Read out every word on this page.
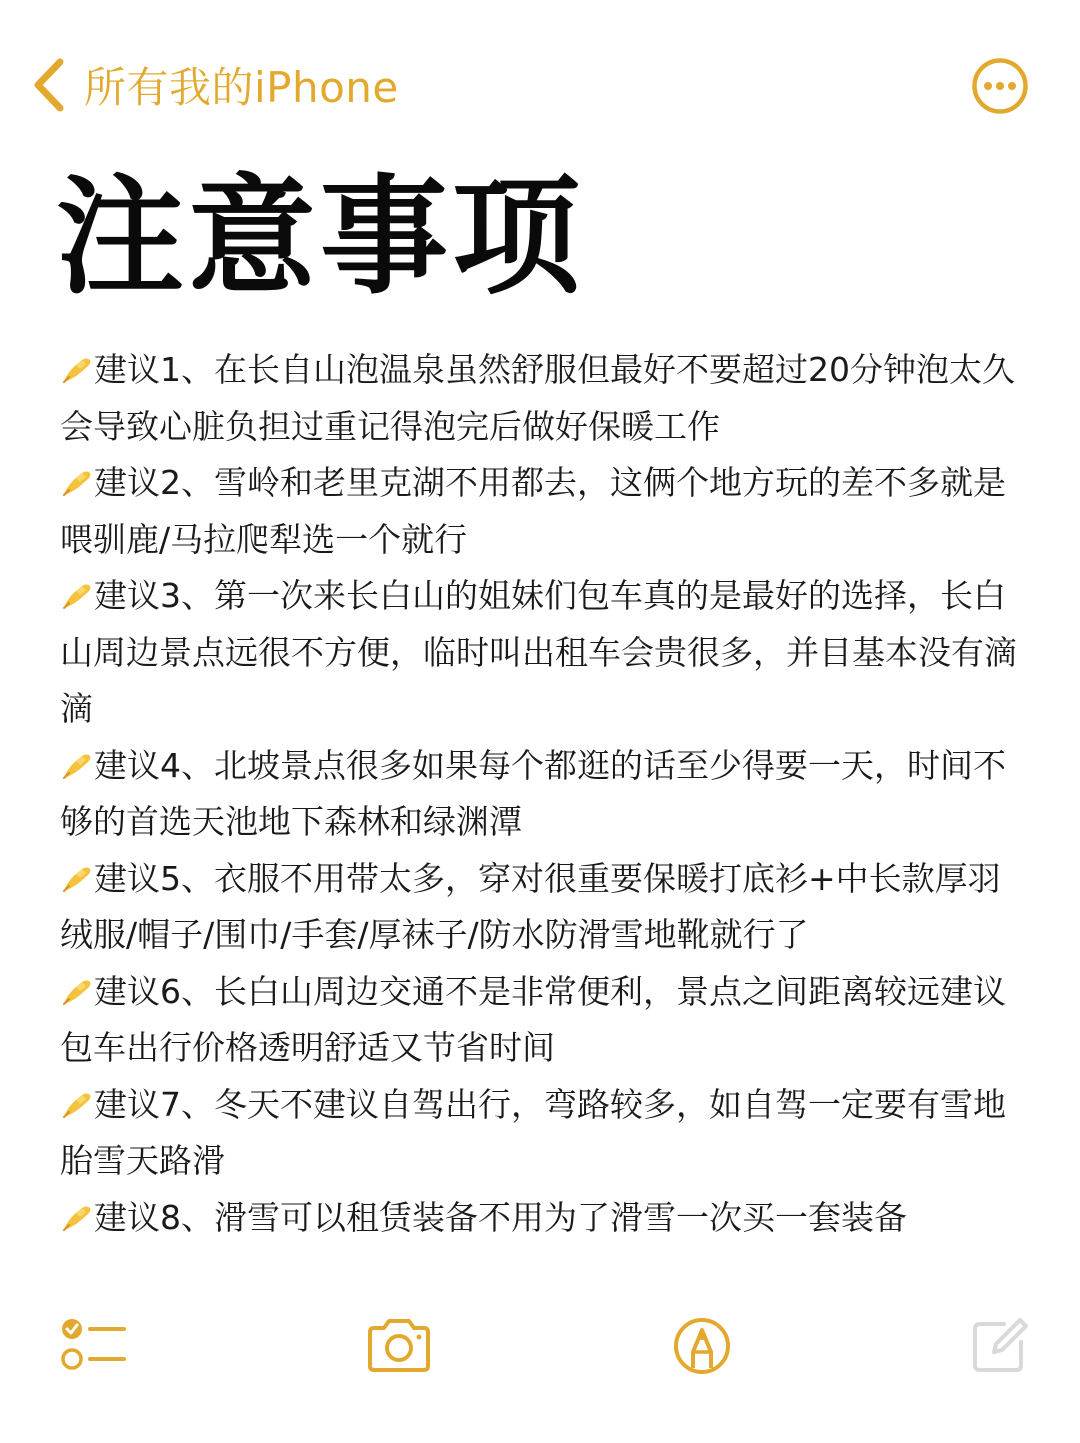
所有我的iPhone
注意事项

建议1、在长自山泡温泉虽然舒服但最好不要超过20分钟泡太久会导致心脏负担过重记得泡完后做好保暖工作

建议2、雪岭和老里克湖不用都去，这俩个地方玩的差不多就是喂驯鹿/马拉爬犁选一个就行

建议3、第一次来长白山的姐妹们包车真的是最好的选择，长白山周边景点远很不方便，临时叫出租车会贵很多，并目基本没有滴滴

建议4、北坡景点很多如果每个都逛的话至少得要一天，时间不够的首选天池地下森林和绿渊潭

建议5、衣服不用带太多，穿对很重要保暖打底衫+中长款厚羽绒服/帽子/围巾/手套/厚袜子/防水防滑雪地靴就行了

建议6、长白山周边交通不是非常便利，景点之间距离较远建议包车出行价格透明舒适又节省时间

建议7、冬天不建议自驾出行，弯路较多，如自驾一定要有雪地胎雪天路滑

建议8、滑雪可以租赁装备不用为了滑雪一次买一套装备
